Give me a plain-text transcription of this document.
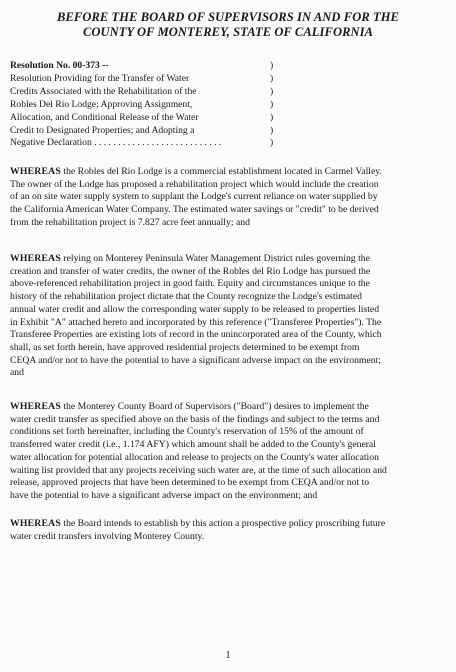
BEFORE THE BOARD OF SUPERVISORS IN AND FOR THE
COUNTY OF MONTEREY, STATE OF CALIFORNIA
Resolution No. 00-373 --
Resolution Providing for the Transfer of Water
Credits Associated with the Rehabilitation of the
Robles Del Rio Lodge; Approving Assignment,
Allocation, and Conditional Release of the Water
Credit to Designated Properties; and Adopting a
Negative Declaration . . . . . . . . . . . . . . . . . . . . . . . . . . .
)
)
)
)
)
)
)
WHEREAS the Robles del Rio Lodge is a commercial establishment located in Carmel Valley.
The owner of the Lodge has proposed a rehabilitation project which would include the creation
of an on site water supply system to supplant the Lodge's current reliance on water supplied by
the California American Water Company. The estimated water savings or "credit" to be derived
from the rehabilitation project is 7.827 acre feet annually; and
WHEREAS relying on Monterey Peninsula Water Management District rules governing the
creation and transfer of water credits, the owner of the Robles del Rio Lodge has pursued the
above-referenced rehabilitation project in good faith. Equity and circumstances unique to the
history of the rehabilitation project dictate that the County recognize the Lodge's estimated
annual water credit and allow the corresponding water supply to be released to properties listed
in Exhibit "A" attached hereto and incorporated by this reference ("Transferee Properties"). The
Transferee Properties are existing lots of record in the unincorporated area of the County, which
shall, as set forth herein, have approved residential projects determined to be exempt from
CEQA and/or not to have the potential to have a significant adverse impact on the environment;
and
WHEREAS the Monterey County Board of Supervisors ("Board") desires to implement the
water credit transfer as specified above on the basis of the findings and subject to the terms and
conditions set forth hereinafter, including the County's reservation of 15% of the amount of
transferred water credit (i.e., 1.174 AFY) which amount shall be added to the County's general
water allocation for potential allocation and release to projects on the County's water allocation
waiting list provided that any projects receiving such water are, at the time of such allocation and
release, approved projects that have been determined to be exempt from CEQA and/or not to
have the potential to have a significant adverse impact on the environment; and
WHEREAS the Board intends to establish by this action a prospective policy proscribing future
water credit transfers involving Monterey County.
1
